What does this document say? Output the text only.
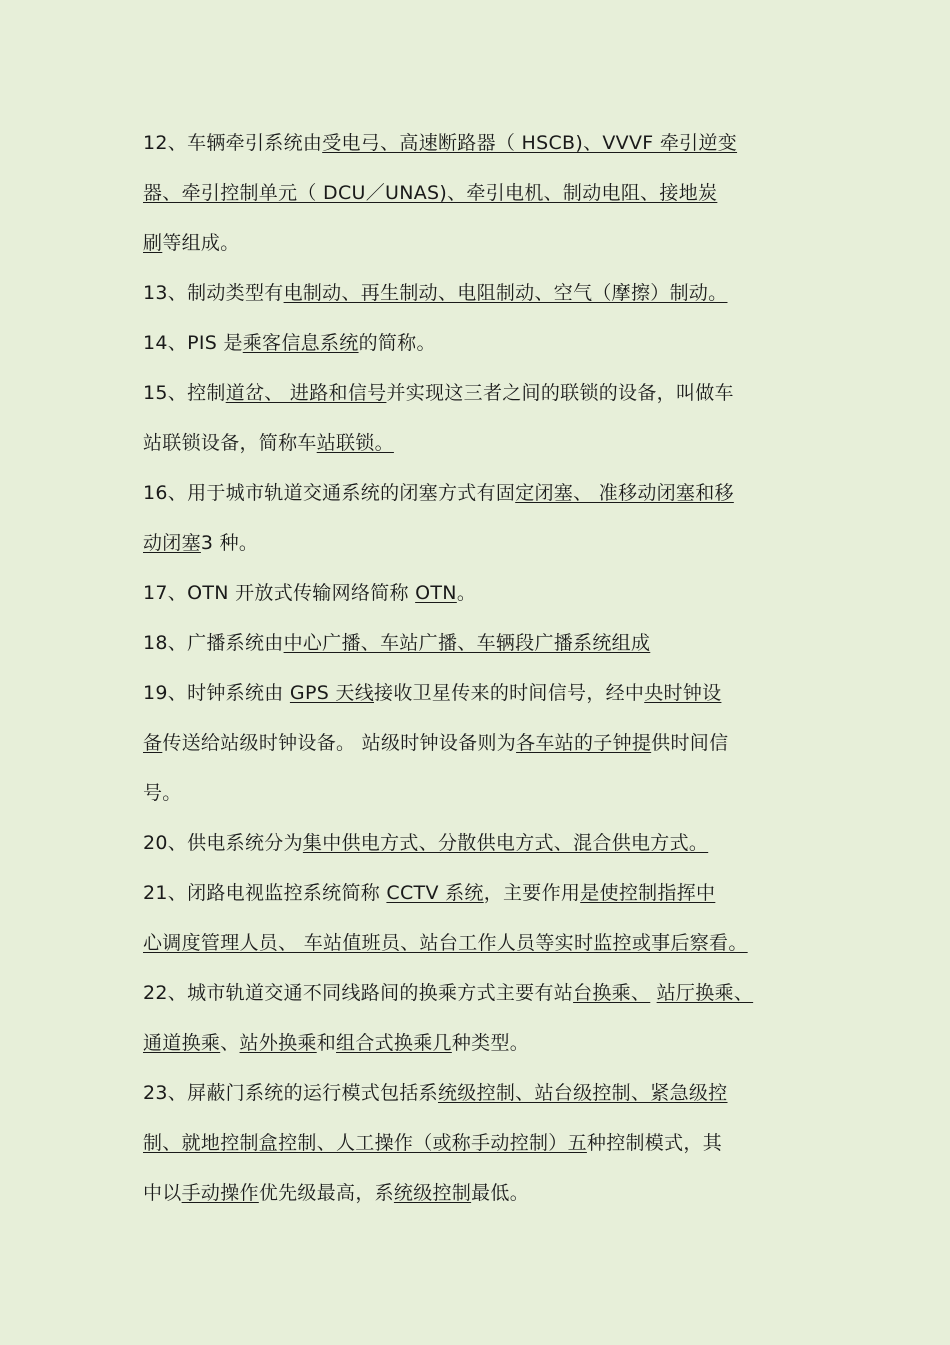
12、车辆牵引系统由受电弓、高速断路器（ HSCB)、VVVF 牵引逆变
器、牵引控制单元（ DCU／UNAS)、牵引电机、制动电阻、接地炭
刷等组成。
13、制动类型有电制动、再生制动、电阻制动、空气（摩擦）制动。
14、PIS 是乘客信息系统的简称。
15、控制道岔、 进路和信号并实现这三者之间的联锁的设备，叫做车
站联锁设备，简称车站联锁。
16、用于城市轨道交通系统的闭塞方式有固定闭塞、 准移动闭塞和移
动闭塞3 种。
17、OTN 开放式传输网络简称 OTN。
18、广播系统由中心广播、车站广播、车辆段广播系统组成
19、时钟系统由 GPS 天线接收卫星传来的时间信号，经中央时钟设
备传送给站级时钟设备。 站级时钟设备则为各车站的子钟提供时间信
号。
20、供电系统分为集中供电方式、分散供电方式、混合供电方式。
21、闭路电视监控系统简称 CCTV 系统，主要作用是使控制指挥中
心调度管理人员、 车站值班员、站台工作人员等实时监控或事后察看。
22、城市轨道交通不同线路间的换乘方式主要有站台换乘、 站厅换乘、
通道换乘、站外换乘和组合式换乘几种类型。
23、屏蔽门系统的运行模式包括系统级控制、站台级控制、紧急级控
制、就地控制盒控制、人工操作（或称手动控制）五种控制模式，其
中以手动操作优先级最高，系统级控制最低。
